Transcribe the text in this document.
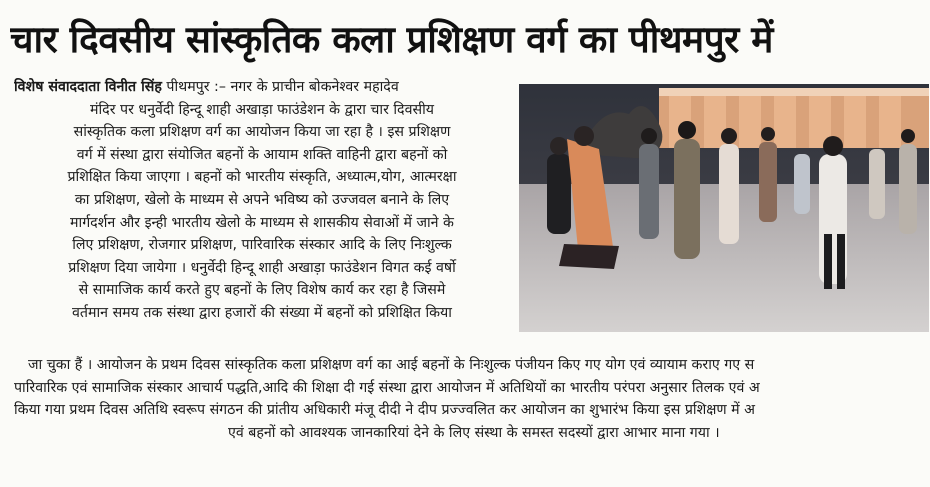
चार दिवसीय सांस्कृतिक कला प्रशिक्षण वर्ग का पीथमपुर में
विशेष संवाददाता विनीत सिंह पीथमपुर :– नगर के प्राचीन बोकनेश्वर महादेव
मंदिर पर धनुर्वेदी हिन्दू शाही अखाड़ा फाउंडेशन के द्वारा चार दिवसीय
सांस्कृतिक कला प्रशिक्षण वर्ग का आयोजन किया जा रहा है । इस प्रशिक्षण
वर्ग में संस्था द्वारा संयोजित बहनों के आयाम शक्ति वाहिनी द्वारा बहनों को
प्रशिक्षित किया जाएगा । बहनों को भारतीय संस्कृति, अध्यात्म,योग, आत्मरक्षा
का प्रशिक्षण, खेलो के माध्यम से अपने भविष्य को उज्जवल बनाने के लिए
मार्गदर्शन और इन्ही भारतीय खेलो के माध्यम से शासकीय सेवाओं में जाने के
लिए प्रशिक्षण, रोजगार प्रशिक्षण, पारिवारिक संस्कार आदि के लिए निःशुल्क
प्रशिक्षण दिया जायेगा । धनुर्वेदी हिन्दू शाही अखाड़ा फाउंडेशन विगत कई वर्षो
से सामाजिक कार्य करते हुए बहनों के लिए विशेष कार्य कर रहा है जिसमे
वर्तमान समय तक संस्था द्वारा हजारों की संख्या में बहनों को प्रशिक्षित किया
जा चुका हैं । आयोजन के प्रथम दिवस सांस्कृतिक कला प्रशिक्षण वर्ग का आई बहनों के निःशुल्क पंजीयन किए गए योग एवं व्यायाम कराए गए स
पारिवारिक एवं सामाजिक संस्कार आचार्य पद्धति,आदि की शिक्षा दी गई संस्था द्वारा आयोजन में अतिथियों का भारतीय परंपरा अनुसार तिलक एवं अ
किया गया प्रथम दिवस अतिथि स्वरूप संगठन की प्रांतीय अधिकारी मंजू दीदी ने दीप प्रज्ज्वलित कर आयोजन का शुभारंभ किया इस प्रशिक्षण में अ
एवं बहनों को आवश्यक जानकारियां देने के लिए संस्था के समस्त सदस्यों द्वारा आभार माना गया ।
